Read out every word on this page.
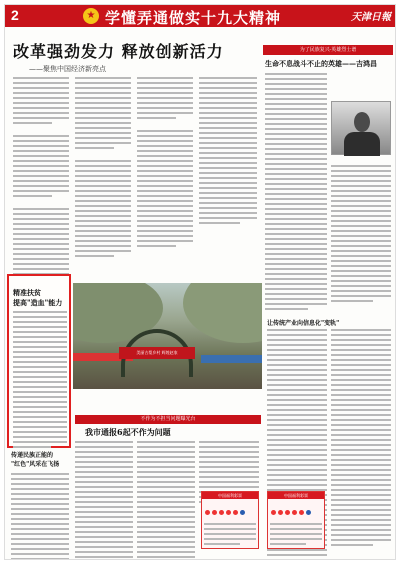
2	★ 学懂弄通做实十九大精神	天津日報
改革强劲发力 释放创新活力
——聚焦中国经济新亮点
为了民族复兴·英雄烈士谱
生命不息战斗不止的英雄——吉鸿昌
精准扶贫
提高"造血"能力
美丽古梨乡村 辉煌赵家
让传统产业向信息化"变轨"
不作为不担当问题曝光台
我市通报6起不作为问题
传递民族正能的
"红色"风采在飞扬
中国福利彩票	中国福利彩票
